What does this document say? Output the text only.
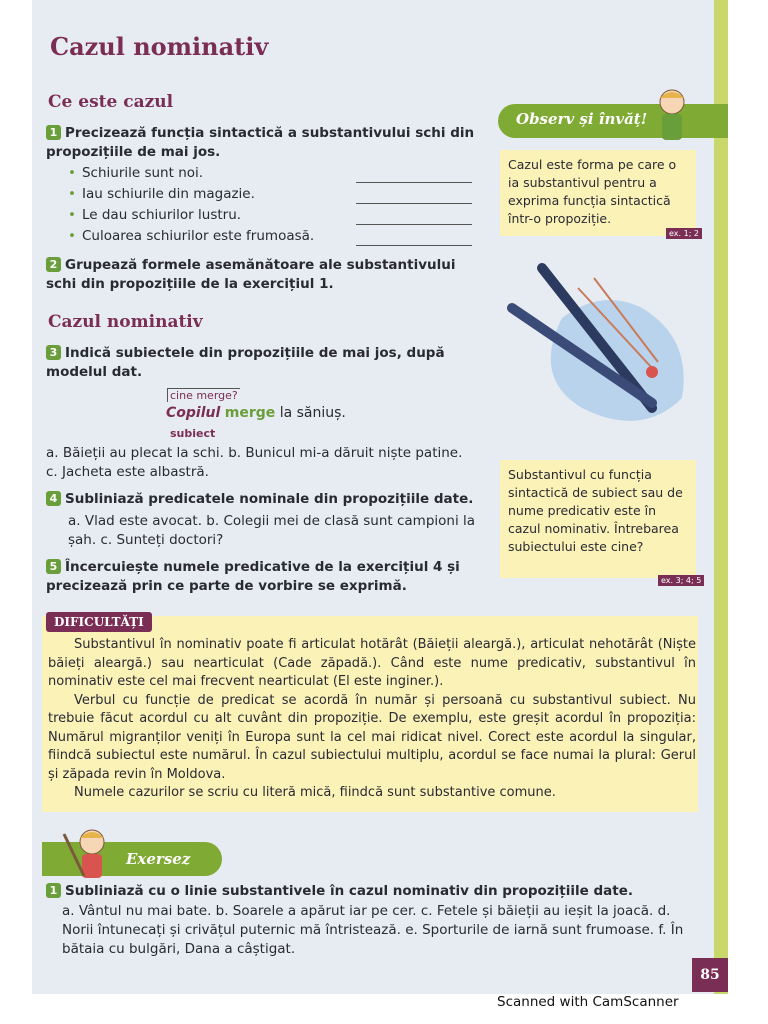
Cazul nominativ
Ce este cazul
1 Precizează funcția sintactică a substantivului schi din propozițiile de mai jos.
• Schiurile sunt noi.
• Iau schiurile din magazie.
• Le dau schiurilor lustru.
• Culoarea schiurilor este frumoasă.
2 Grupează formele asemănătoare ale substantivului schi din propozițiile de la exercițiul 1.
Cazul nominativ
3 Indică subiectele din propozițiile de mai jos, după modelul dat.
cine merge?
Copilul merge la săniuș.
subiect
a. Băieții au plecat la schi. b. Bunicul mi-a dăruit niște patine. c. Jacheta este albastră.
4 Subliniază predicatele nominale din propozițiile date.
a. Vlad este avocat. b. Colegii mei de clasă sunt campioni la șah. c. Sunteți doctori?
5 Încercuiește numele predicative de la exercițiul 4 și precizează prin ce parte de vorbire se exprimă.
Observ și învăț!
Cazul este forma pe care o ia substantivul pentru a exprima funcția sintactică într-o propoziție.
ex. 1; 2
Substantivul cu funcția sintactică de subiect sau de nume predicativ este în cazul nominativ. Întrebarea subiectului este cine?
ex. 3; 4; 5
DIFICULTĂȚI

Substantivul în nominativ poate fi articulat hotărât (Băieții aleargă.), articulat nehotărât (Niște băieți aleargă.) sau nearticulat (Cade zăpadă.). Când este nume predicativ, substantivul în nominativ este cel mai frecvent nearticulat (El este inginer.).

Verbul cu funcție de predicat se acordă în număr și persoană cu substantivul subiect. Nu trebuie făcut acordul cu alt cuvânt din propoziție. De exemplu, este greșit acordul în propoziția: Numărul migranților veniți în Europa sunt la cel mai ridicat nivel. Corect este acordul la singular, fiindcă subiectul este numărul. În cazul subiectului multiplu, acordul se face numai la plural: Gerul și zăpada revin în Moldova.

Numele cazurilor se scriu cu literă mică, fiindcă sunt substantive comune.

Exersez
1 Subliniază cu o linie substantivele în cazul nominativ din propozițiile date.
a. Vântul nu mai bate. b. Soarele a apărut iar pe cer. c. Fetele și băieții au ieșit la joacă. d. Norii întunecați și crivățul puternic mă întristează. e. Sporturile de iarnă sunt frumoase. f. În bătaia cu bulgări, Dana a câștigat.
85
Scanned with CamScanner
